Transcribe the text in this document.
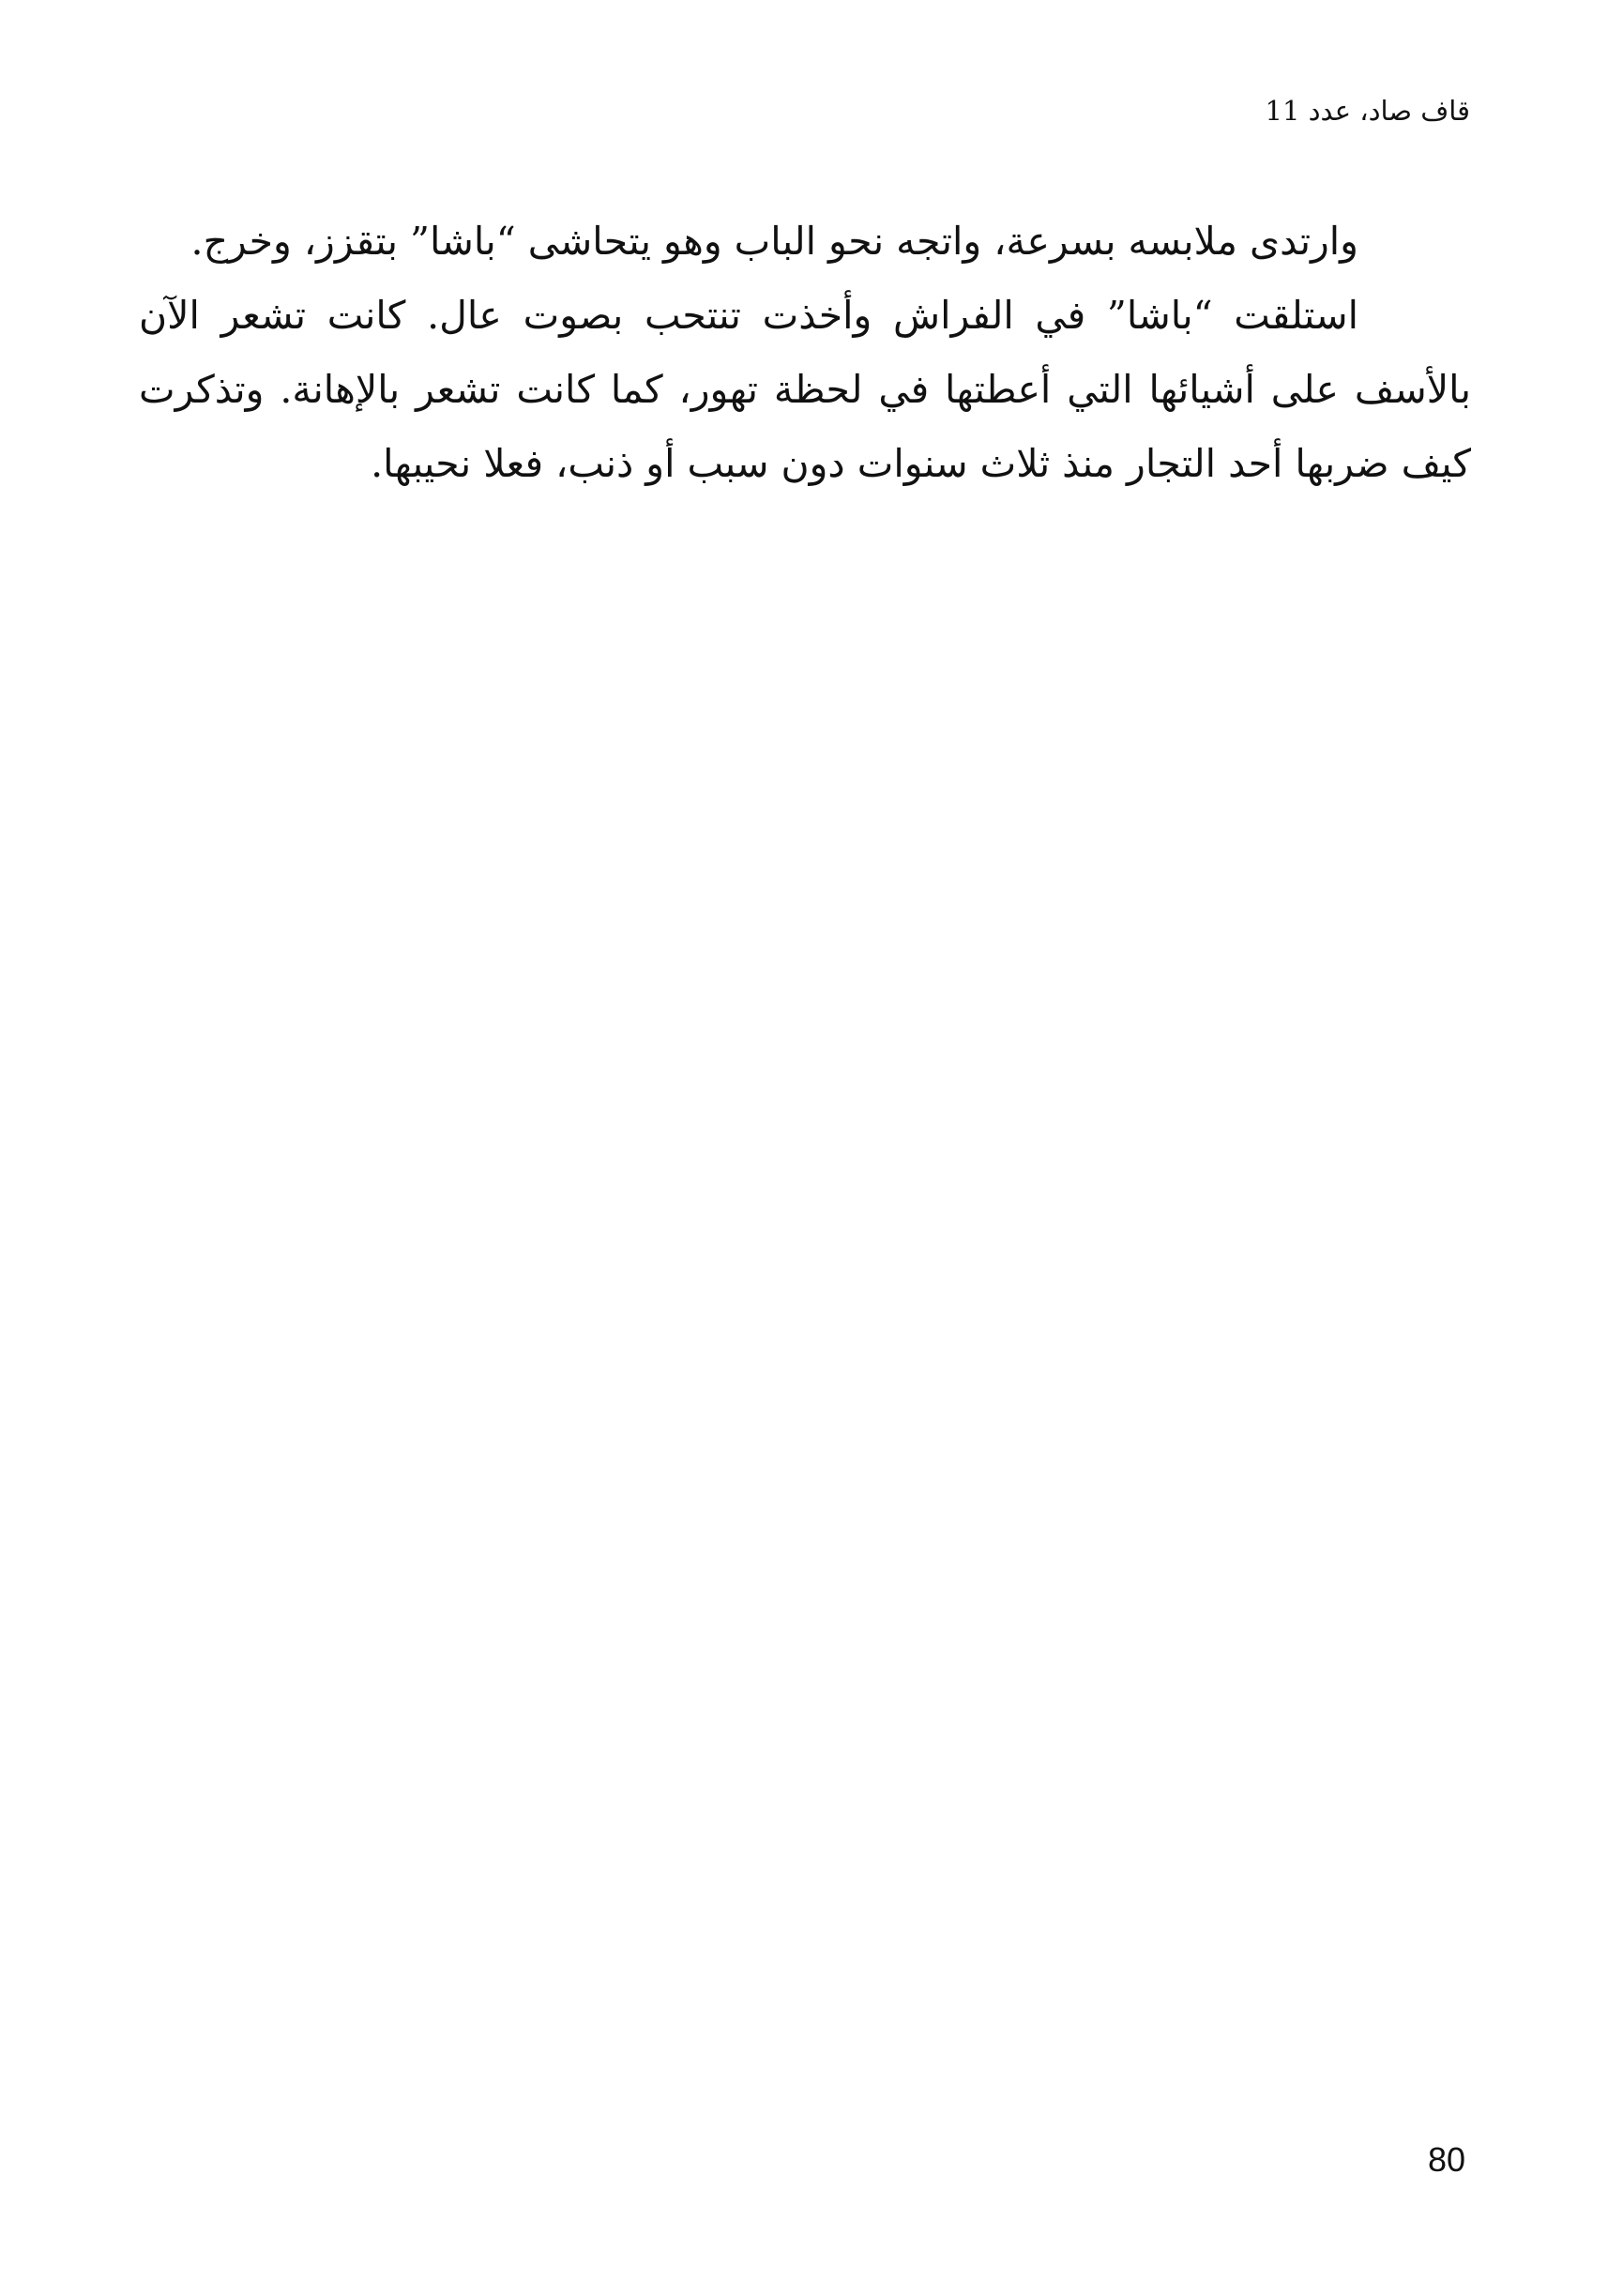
قاف صاد، عدد 11

وارتدى ملابسه بسرعة، واتجه نحو الباب وهو يتحاشى “باشا” بتقزز، وخرج.

استلقت “باشا” في الفراش وأخذت تنتحب بصوت عال. كانت تشعر الآن بالأسف على أشيائها التي أعطتها في لحظة تهور، كما كانت تشعر بالإهانة. وتذكرت كيف ضربها أحد التجار منذ ثلاث سنوات دون سبب أو ذنب، فعلا نحيبها.

80
